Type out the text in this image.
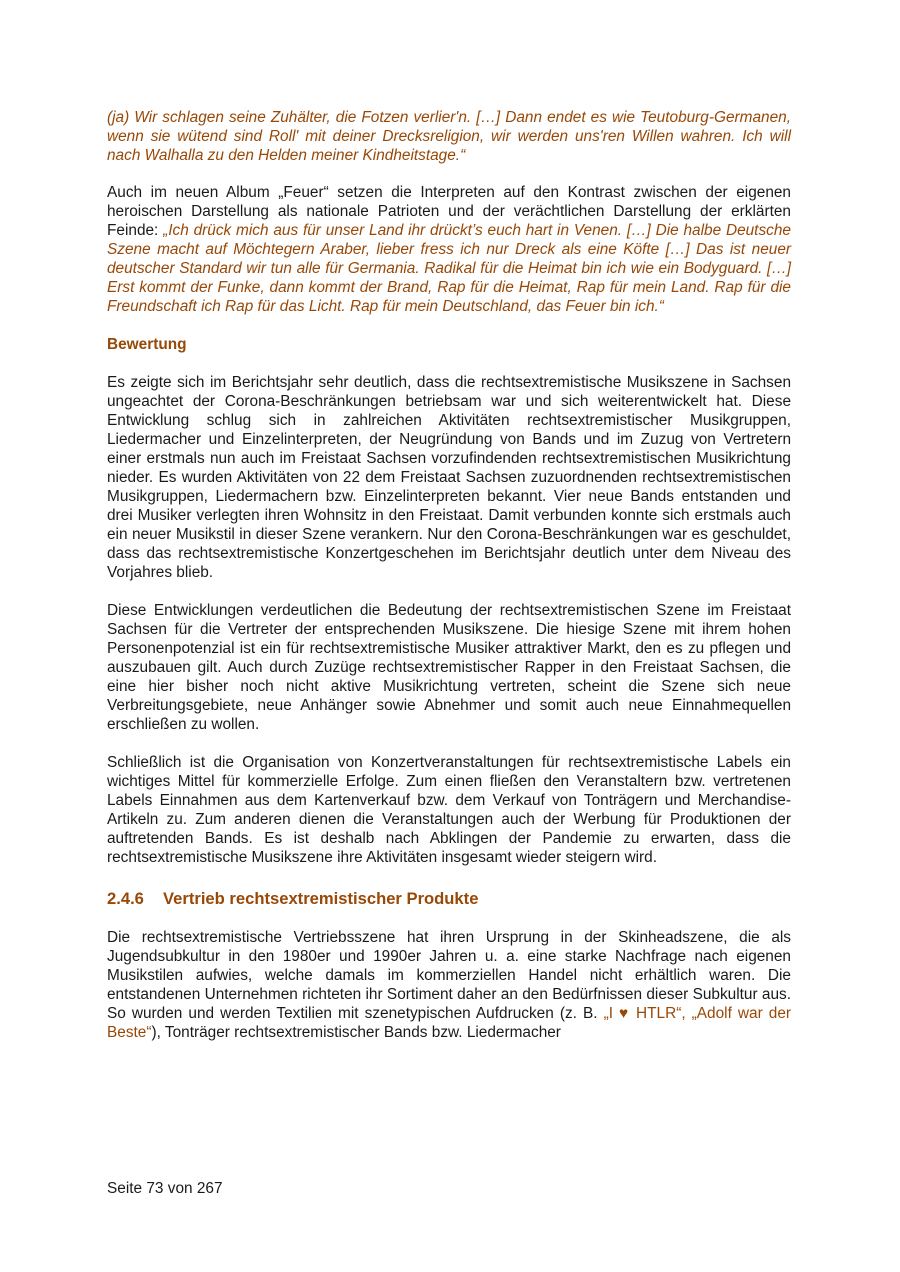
(ja) Wir schlagen seine Zuhälter, die Fotzen verlier'n. […] Dann endet es wie Teutoburg-Germanen, wenn sie wütend sind Roll' mit deiner Drecksreligion, wir werden uns'ren Willen wahren. Ich will nach Walhalla zu den Helden meiner Kindheitstage.“

Auch im neuen Album „Feuer“ setzen die Interpreten auf den Kontrast zwischen der eigenen heroischen Darstellung als nationale Patrioten und der verächtlichen Darstellung der erklärten Feinde: „Ich drück mich aus für unser Land ihr drückt’s euch hart in Venen. […] Die halbe Deutsche Szene macht auf Möchtegern Araber, lieber fress ich nur Dreck als eine Köfte […] Das ist neuer deutscher Standard wir tun alle für Germania. Radikal für die Heimat bin ich wie ein Bodyguard. […] Erst kommt der Funke, dann kommt der Brand, Rap für die Heimat, Rap für mein Land. Rap für die Freundschaft ich Rap für das Licht. Rap für mein Deutschland, das Feuer bin ich.“

Bewertung

Es zeigte sich im Berichtsjahr sehr deutlich, dass die rechtsextremistische Musikszene in Sachsen ungeachtet der Corona-Beschränkungen betriebsam war und sich weiterentwickelt hat. Diese Entwicklung schlug sich in zahlreichen Aktivitäten rechtsextremistischer Musikgruppen, Liedermacher und Einzelinterpreten, der Neugründung von Bands und im Zuzug von Vertretern einer erstmals nun auch im Freistaat Sachsen vorzufindenden rechtsextremistischen Musikrichtung nieder. Es wurden Aktivitäten von 22 dem Freistaat Sachsen zuzuordnenden rechtsextremistischen Musikgruppen, Liedermachern bzw. Einzelinterpreten bekannt. Vier neue Bands entstanden und drei Musiker verlegten ihren Wohnsitz in den Freistaat. Damit verbunden konnte sich erstmals auch ein neuer Musikstil in dieser Szene verankern. Nur den Corona-Beschränkungen war es geschuldet, dass das rechtsextremistische Konzertgeschehen im Berichtsjahr deutlich unter dem Niveau des Vorjahres blieb.

Diese Entwicklungen verdeutlichen die Bedeutung der rechtsextremistischen Szene im Freistaat Sachsen für die Vertreter der entsprechenden Musikszene. Die hiesige Szene mit ihrem hohen Personenpotenzial ist ein für rechtsextremistische Musiker attraktiver Markt, den es zu pflegen und auszubauen gilt. Auch durch Zuzüge rechtsextremistischer Rapper in den Freistaat Sachsen, die eine hier bisher noch nicht aktive Musikrichtung vertreten, scheint die Szene sich neue Verbreitungsgebiete, neue Anhänger sowie Abnehmer und somit auch neue Einnahmequellen erschließen zu wollen.

Schließlich ist die Organisation von Konzertveranstaltungen für rechtsextremistische Labels ein wichtiges Mittel für kommerzielle Erfolge. Zum einen fließen den Veranstaltern bzw. vertretenen Labels Einnahmen aus dem Kartenverkauf bzw. dem Verkauf von Tonträgern und Merchandise-Artikeln zu. Zum anderen dienen die Veranstaltungen auch der Werbung für Produktionen der auftretenden Bands. Es ist deshalb nach Abklingen der Pandemie zu erwarten, dass die rechtsextremistische Musikszene ihre Aktivitäten insgesamt wieder steigern wird.

2.4.6 Vertrieb rechtsextremistischer Produkte

Die rechtsextremistische Vertriebsszene hat ihren Ursprung in der Skinheadszene, die als Jugendsubkultur in den 1980er und 1990er Jahren u. a. eine starke Nachfrage nach eigenen Musikstilen aufwies, welche damals im kommerziellen Handel nicht erhältlich waren. Die entstandenen Unternehmen richteten ihr Sortiment daher an den Bedürfnissen dieser Subkultur aus. So wurden und werden Textilien mit szenetypischen Aufdrucken (z. B. „I ♥ HTLR“, „Adolf war der Beste“), Tonträger rechtsextremistischer Bands bzw. Liedermacher

Seite 73 von 267
